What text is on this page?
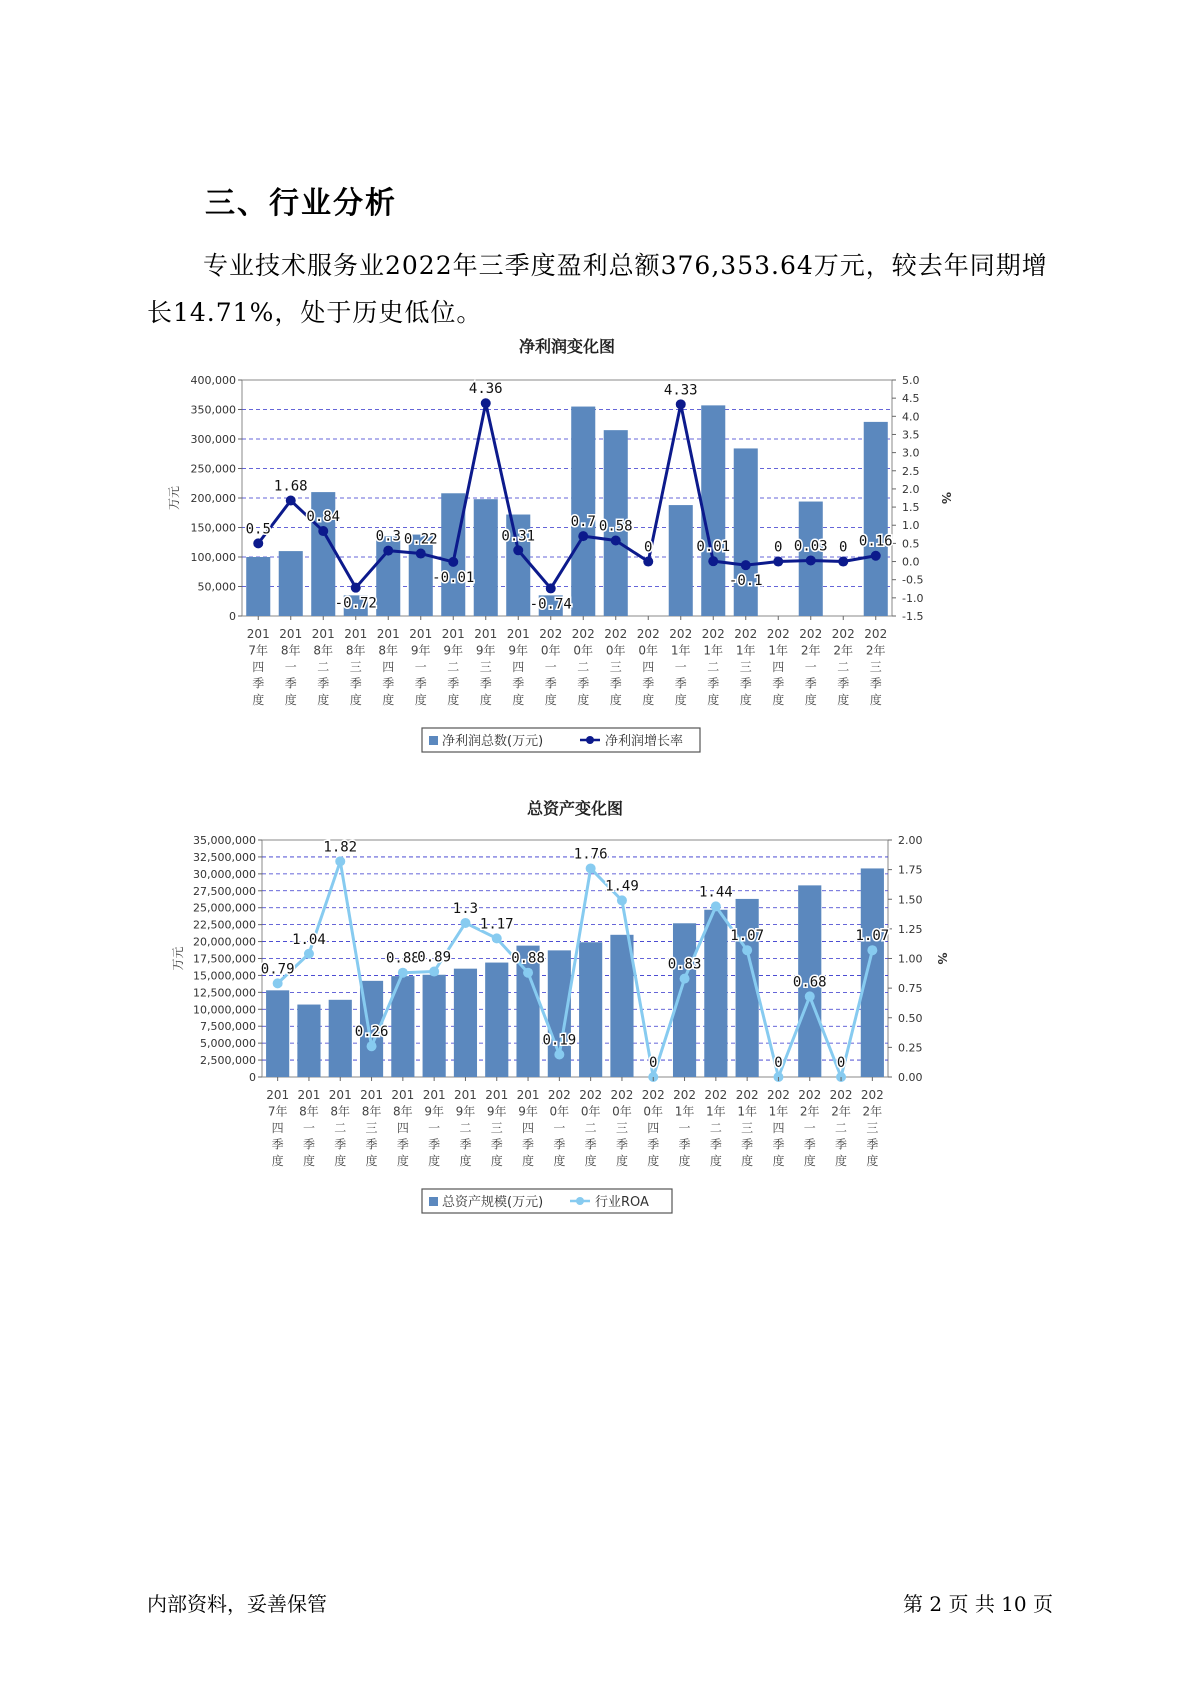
三、行业分析

专业技术服务业2022年三季度盈利总额376,353.64万元，较去年同期增长14.71%，处于历史低位。

净利润变化图
0
50,000
100,000
150,000
200,000
250,000
300,000
350,000
400,000
-1.5
-1.0
-0.5
0.0
0.5
1.0
1.5
2.0
2.5
3.0
3.5
4.0
4.5
5.0
万元	%
0.5
1.68
0.84
-0.72
0.3 0.22
-0.01
4.36
0.31
-0.74
0.7 0.58
0
4.33
0.01
-0.1
0 0.03 0 0.16
201
7年
四
季
度
201
8年
一
季
度
201
8年
二
季
度
201
8年
三
季
度
201
8年
四
季
度
201
9年
一
季
度
201
9年
二
季
度
201
9年
三
季
度
201
9年
四
季
度
202
0年
一
季
度
202
0年
二
季
度
202
0年
三
季
度
202
0年
四
季
度
202
1年
一
季
度
202
1年
二
季
度
202
1年
三
季
度
202
1年
四
季
度
202
2年
一
季
度
202
2年
二
季
度
202
2年
三
季
度
净利润总数(万元)	净利润增长率
总资产变化图
0
2,500,000
5,000,000
7,500,000
10,000,000
12,500,000
15,000,000
17,500,000
20,000,000
22,500,000
25,000,000
27,500,000
30,000,000
32,500,000
35,000,000
0.00
0.25
0.50
0.75
1.00
1.25
1.50
1.75
2.00
万元	%
0.79
1.04
1.82
0.26
0.88
0.89
1.3
1.17
0.88
0.19
1.76
1.49
0
0.83
1.44
1.07
0
0.68
0
1.07
201
7年
四
季
度
201
8年
一
季
度
201
8年
二
季
度
201
8年
三
季
度
201
8年
四
季
度
201
9年
一
季
度
201
9年
二
季
度
201
9年
三
季
度
201
9年
四
季
度
202
0年
一
季
度
202
0年
二
季
度
202
0年
三
季
度
202
0年
四
季
度
202
1年
一
季
度
202
1年
二
季
度
202
1年
三
季
度
202
1年
四
季
度
202
2年
一
季
度
202
2年
二
季
度
202
2年
三
季
度
总资产规模(万元)	行业ROA
内部资料，妥善保管	第 2 页 共 10 页
